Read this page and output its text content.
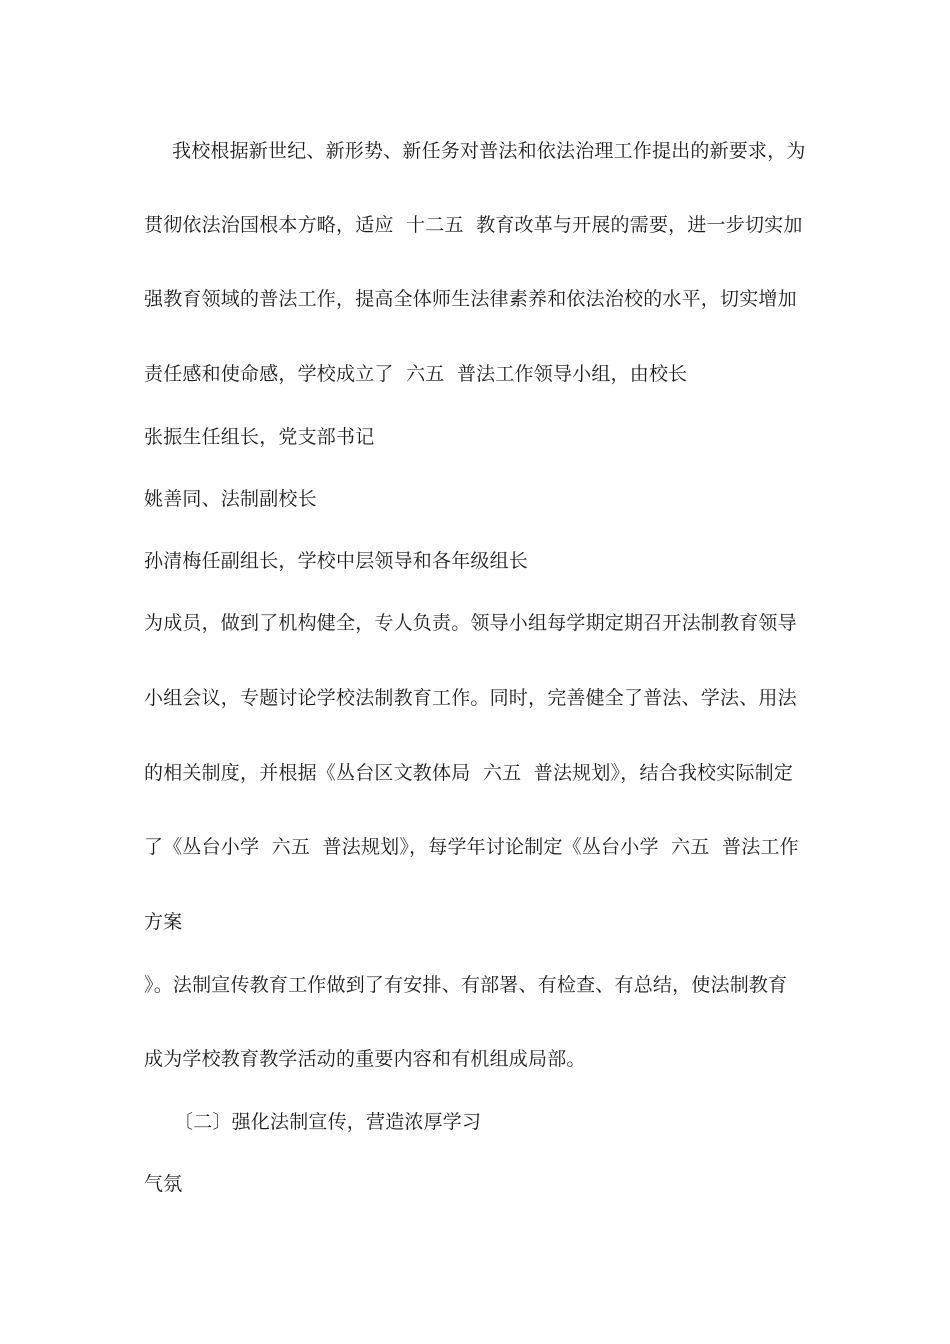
我校根据新世纪、新形势、新任务对普法和依法治理工作提出的新要求，为
贯彻依法治国根本方略，适应  十二五  教育改革与开展的需要，进一步切实加
强教育领域的普法工作，提高全体师生法律素养和依法治校的水平，切实增加
责任感和使命感，学校成立了  六五  普法工作领导小组，由校长
张振生任组长，党支部书记
姚善同、法制副校长
孙清梅任副组长，学校中层领导和各年级组长
为成员，做到了机构健全，专人负责。领导小组每学期定期召开法制教育领导
小组会议，专题讨论学校法制教育工作。同时，完善健全了普法、学法、用法
的相关制度，并根据《丛台区文教体局  六五  普法规划》，结合我校实际制定
了《丛台小学  六五  普法规划》，每学年讨论制定《丛台小学  六五  普法工作
方案
》。法制宣传教育工作做到了有安排、有部署、有检查、有总结，使法制教育
成为学校教育教学活动的重要内容和有机组成局部。
〔二〕强化法制宣传，营造浓厚学习
气氛
